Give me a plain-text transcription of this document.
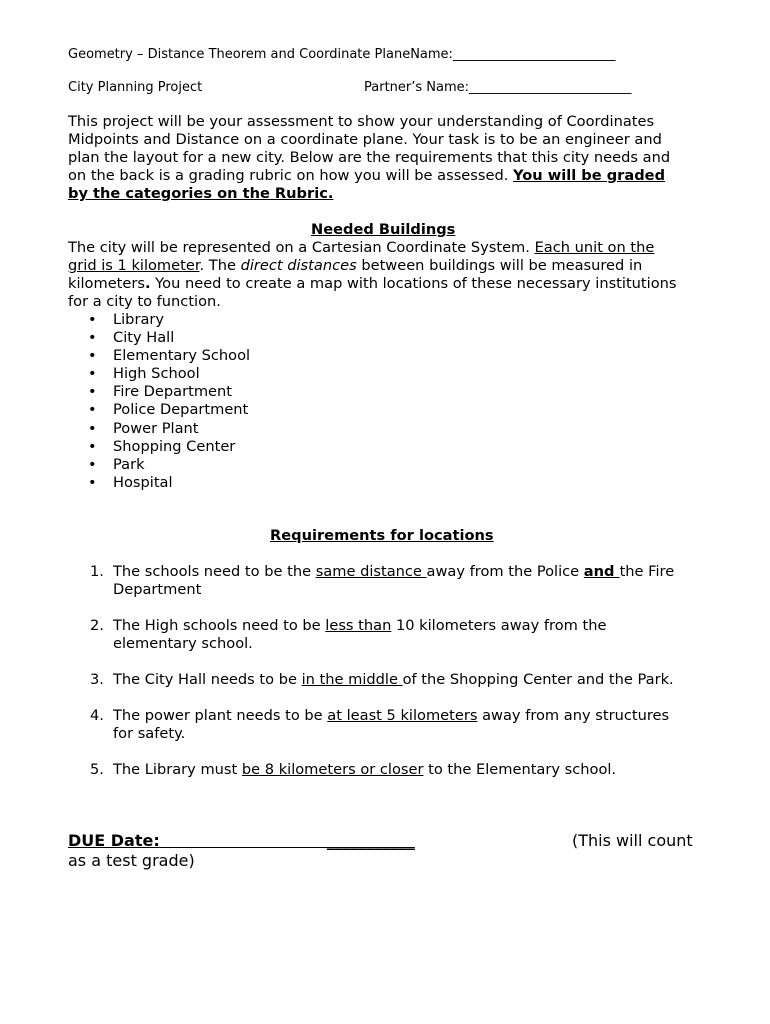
Geometry – Distance Theorem and Coordinate PlaneName:_________________________
City Planning Project	Partner’s Name:_________________________
This project will be your assessment to show your understanding of Coordinates
Midpoints and Distance on a coordinate plane. Your task is to be an engineer and
plan the layout for a new city. Below are the requirements that this city needs and
on the back is a grading rubric on how you will be assessed. You will be graded
by the categories on the Rubric.
Needed Buildings
The city will be represented on a Cartesian Coordinate System. Each unit on the
grid is 1 kilometer. The direct distances between buildings will be measured in
kilometers. You need to create a map with locations of these necessary institutions
for a city to function.
• Library
• City Hall
• Elementary School
• High School
• Fire Department
• Police Department
• Power Plant
• Shopping Center
• Park
• Hospital
Requirements for locations
1. The schools need to be the same distance away from the Police and the Fire
Department
2. The High schools need to be less than 10 kilometers away from the
elementary school.
3. The City Hall needs to be in the middle of the Shopping Center and the Park.
4. The power plant needs to be at least 5 kilometers away from any structures
for safety.
5. The Library must be 8 kilometers or closer to the Elementary school.
DUE Date:                              ___________	(This will count
as a test grade)
